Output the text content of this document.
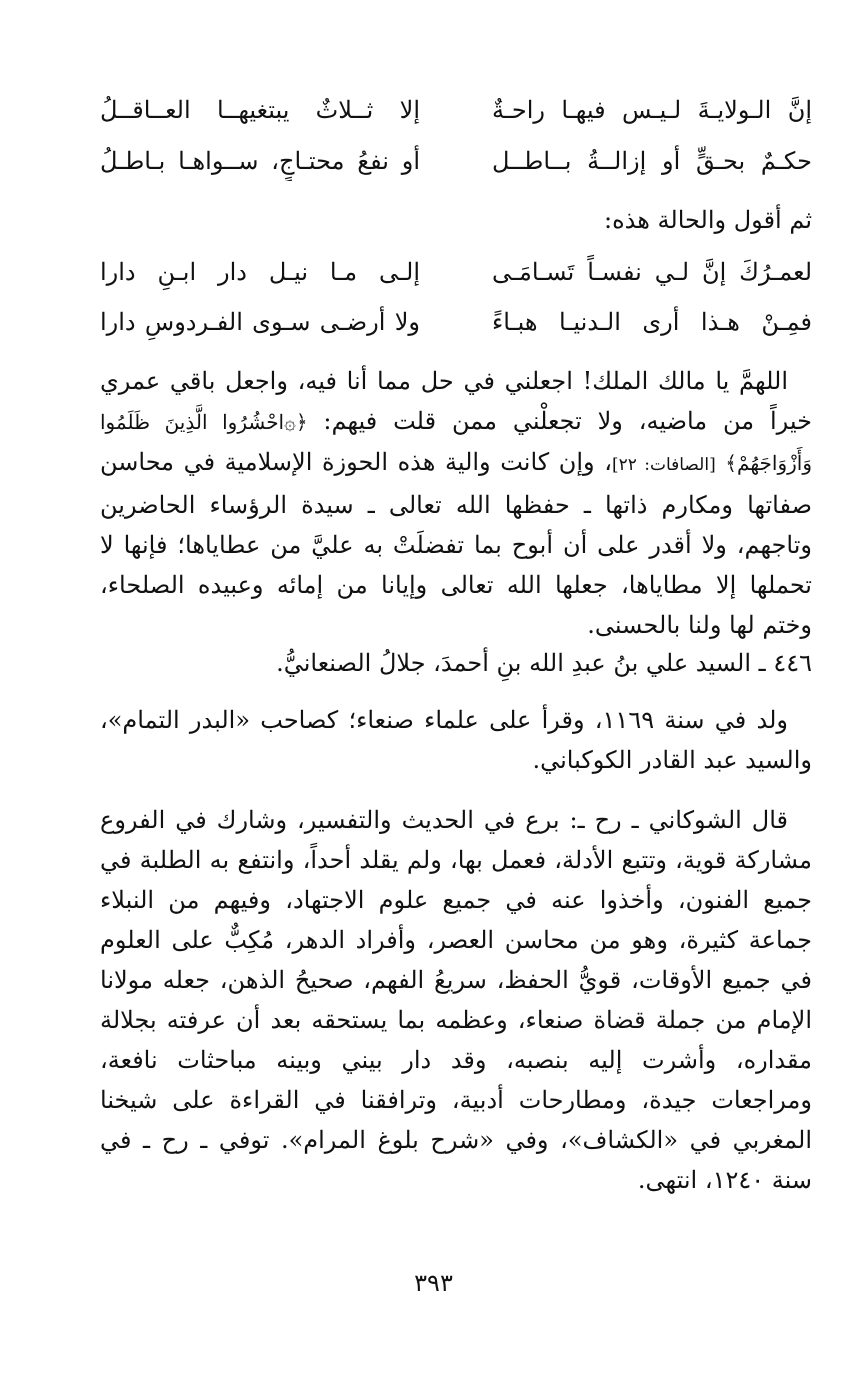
إنَّ الـولايـةَ لـيـس فيهـا راحـةٌ
إلا ثــلاثٌ يبتغيهــا العــاقــلُ
حكـمٌ بحـقٍّ أو إزالــةُ بــاطــل
أو نفعُ محتـاجٍ، ســواهـا بـاطـلُ
ثم أقول والحالة هذه:
لعمـرُكَ إنَّ لـي نفسـاً تَسـامَـى
إلـى مـا نيـل دار ابـنِ دارا
فمِـنْ هـذا أرى الـدنيـا هبـاءً
ولا أرضـى سـوى الفـردوسِ دارا
اللهمَّ يا مالك الملك! اجعلني في حل مما أنا فيه، واجعل باقي عمري خيراً من ماضيه، ولا تجعلْني ممن قلت فيهم: ﴿۞احْشُرُوا الَّذِينَ ظَلَمُوا وَأَزْوَاجَهُمْ﴾ [الصافات: ٢٢]، وإن كانت والية هذه الحوزة الإسلامية في محاسن صفاتها ومكارم ذاتها ـ حفظها الله تعالى ـ سيدة الرؤساء الحاضرين وتاجهم، ولا أقدر على أن أبوح بما تفضلَتْ به عليَّ من عطاياها؛ فإنها لا تحملها إلا مطاياها، جعلها الله تعالى وإيانا من إمائه وعبيده الصلحاء، وختم لها ولنا بالحسنى.
٤٤٦ ـ السيد علي بنُ عبدِ الله بنِ أحمدَ، جلالُ الصنعانيُّ.
ولد في سنة ١١٦٩، وقرأ على علماء صنعاء؛ كصاحب «البدر التمام»، والسيد عبد القادر الكوكباني.
قال الشوكاني ـ رح ـ: برع في الحديث والتفسير، وشارك في الفروع مشاركة قوية، وتتبع الأدلة، فعمل بها، ولم يقلد أحداً، وانتفع به الطلبة في جميع الفنون، وأخذوا عنه في جميع علوم الاجتهاد، وفيهم من النبلاء جماعة كثيرة، وهو من محاسن العصر، وأفراد الدهر، مُكِبٌّ على العلوم في جميع الأوقات، قويُّ الحفظ، سريعُ الفهم، صحيحُ الذهن، جعله مولانا الإمام من جملة قضاة صنعاء، وعظمه بما يستحقه بعد أن عرفته بجلالة مقداره، وأشرت إليه بنصبه، وقد دار بيني وبينه مباحثات نافعة، ومراجعات جيدة، ومطارحات أدبية، وترافقنا في القراءة على شيخنا المغربي في «الكشاف»، وفي «شرح بلوغ المرام». توفي ـ رح ـ في سنة ١٢٤٠، انتهى.
٣٩٣
